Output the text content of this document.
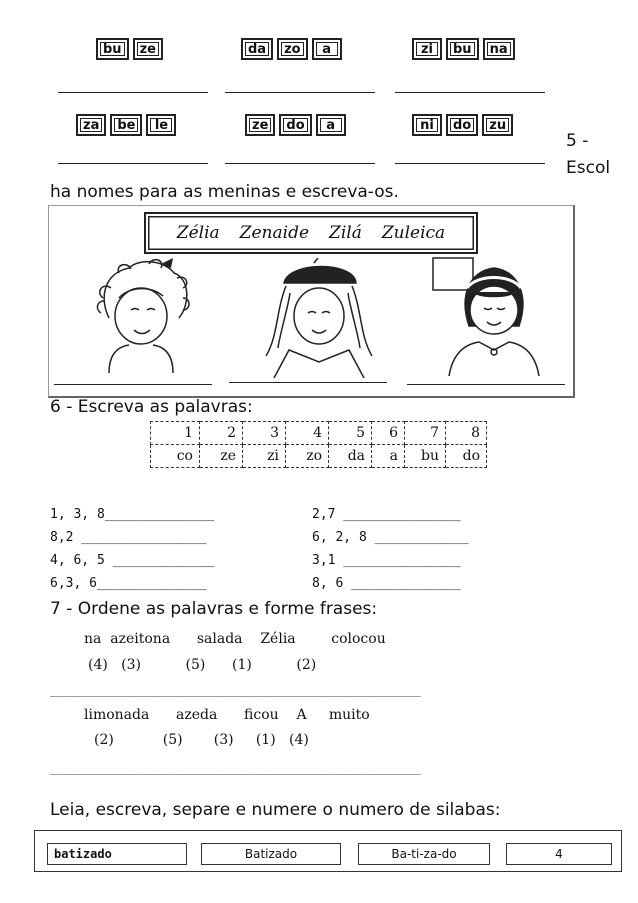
bu	ze	da	zo	a	zi	bu	na
za	be	le	ze	do	a	ni	do	zu
5 -
Escol
ha nomes para as meninas e escreva-os.
Zélia Zenaide Zilá Zuleica
6 - Escreva as palavras:
1	2	3	4	5	6	7	8
co	ze	zi	zo	da	a	bu	do
1, 3, 8______________
8,2 ________________
4, 6, 5 _____________
6,3, 6______________
2,7 _______________
6, 2, 8 ____________
3,1 _______________
8, 6 ______________
7 - Ordene as palavras e forme frases:
na  azeitona      salada    Zélia        colocou
(4)   (3)          (5)      (1)          (2)
________________________________________________________
limonada      azeda      ficou    A     muito
(2)           (5)       (3)     (1)   (4)
________________________________________________________
Leia, escreva, separe e numere o numero de silabas:
batizado	Batizado	Ba-ti-za-do	4
